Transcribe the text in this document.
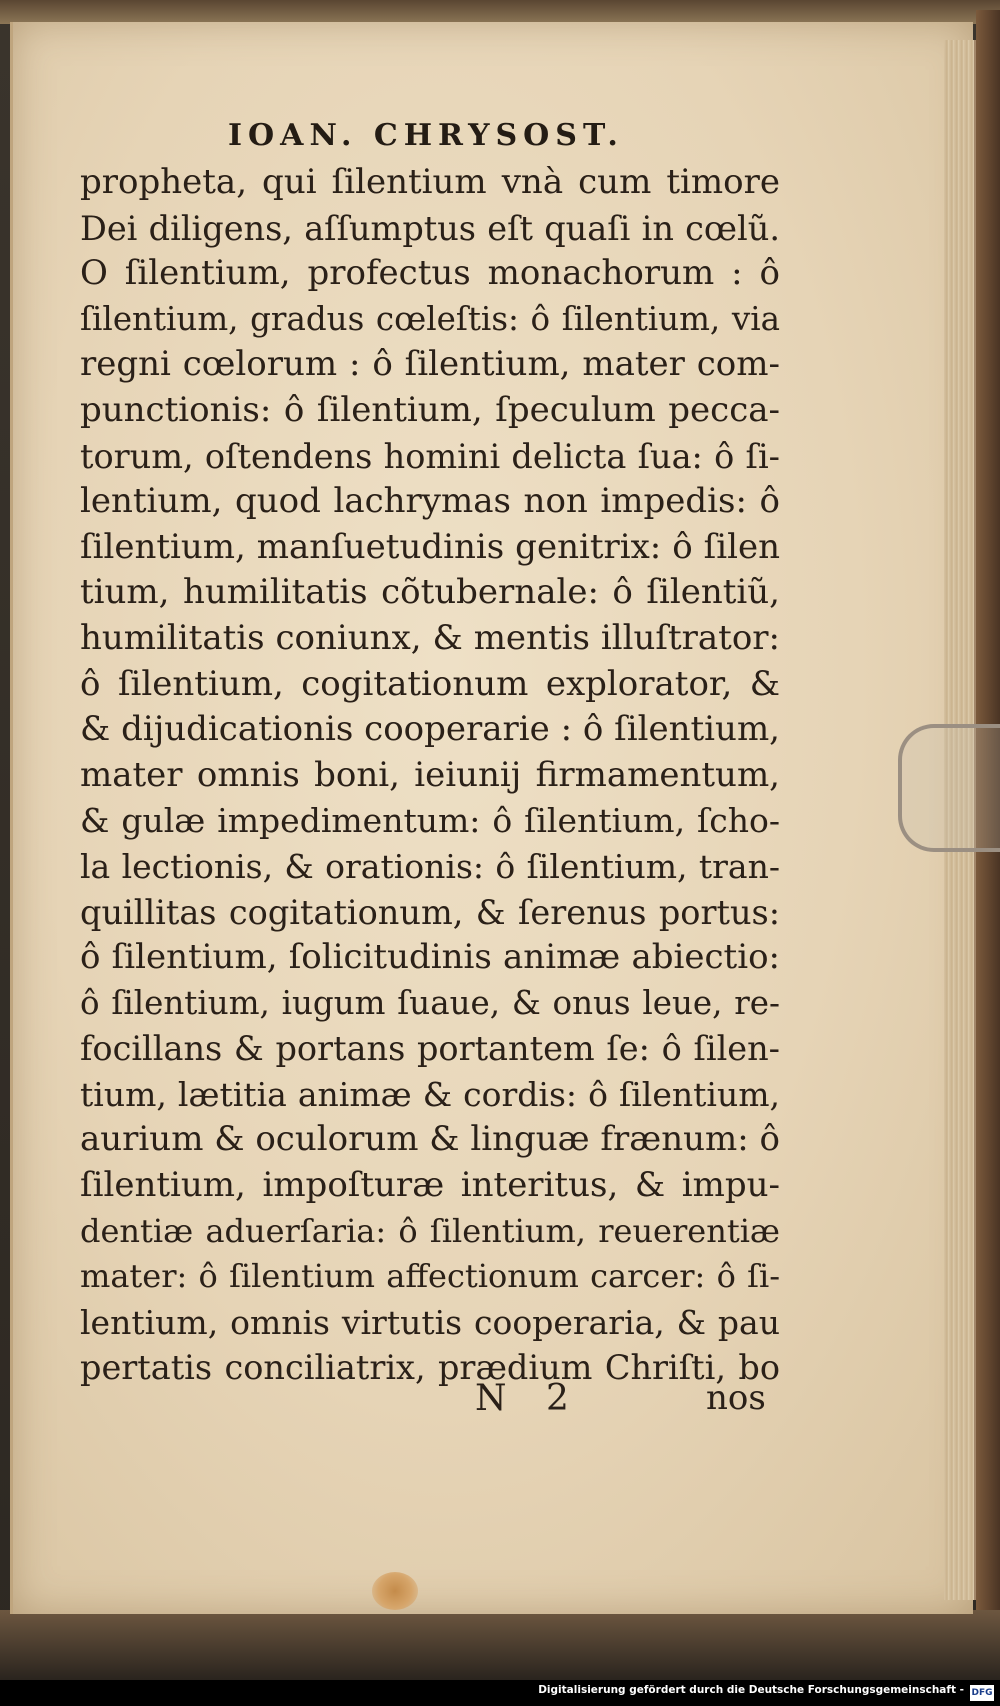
IOAN. CHRYSOST.
propheta, qui ſilentium vnà cum timore
Dei diligens, aſſumptus eſt quaſi in cœlũ.
O ſilentium, profectus monachorum : ô
ſilentium, gradus cœleſtis: ô ſilentium, via
regni cœlorum : ô ſilentium, mater com-
punctionis: ô ſilentium, ſpeculum pecca-
torum, oſtendens homini delicta ſua: ô ſi-
lentium, quod lachrymas non impedis: ô
ſilentium, manſuetudinis genitrix: ô ſilen
tium, humilitatis cõtubernale: ô ſilentiũ,
humilitatis coniunx, & mentis illuſtrator:
ô ſilentium, cogitationum explorator, &
& dijudicationis cooperarie : ô ſilentium,
mater omnis boni, ieiunij firmamentum,
& gulæ impedimentum: ô ſilentium, ſcho-
la lectionis, & orationis: ô ſilentium, tran-
quillitas cogitationum, & ſerenus portus:
ô ſilentium, ſolicitudinis animæ abiectio:
ô ſilentium, iugum ſuaue, & onus leue, re-
focillans & portans portantem ſe: ô ſilen-
tium, lætitia animæ & cordis: ô ſilentium,
aurium & oculorum & linguæ frænum: ô
ſilentium, impoſturæ interitus, & impu-
dentiæ aduerſaria: ô ſilentium, reuerentiæ
mater: ô ſilentium affectionum carcer: ô ſi-
lentium, omnis virtutis cooperaria, & pau
pertatis conciliatrix, prædium Chriſti, bo
N 2	nos
Digitalisierung gefördert durch die Deutsche Forschungsgemeinschaft - DFG
